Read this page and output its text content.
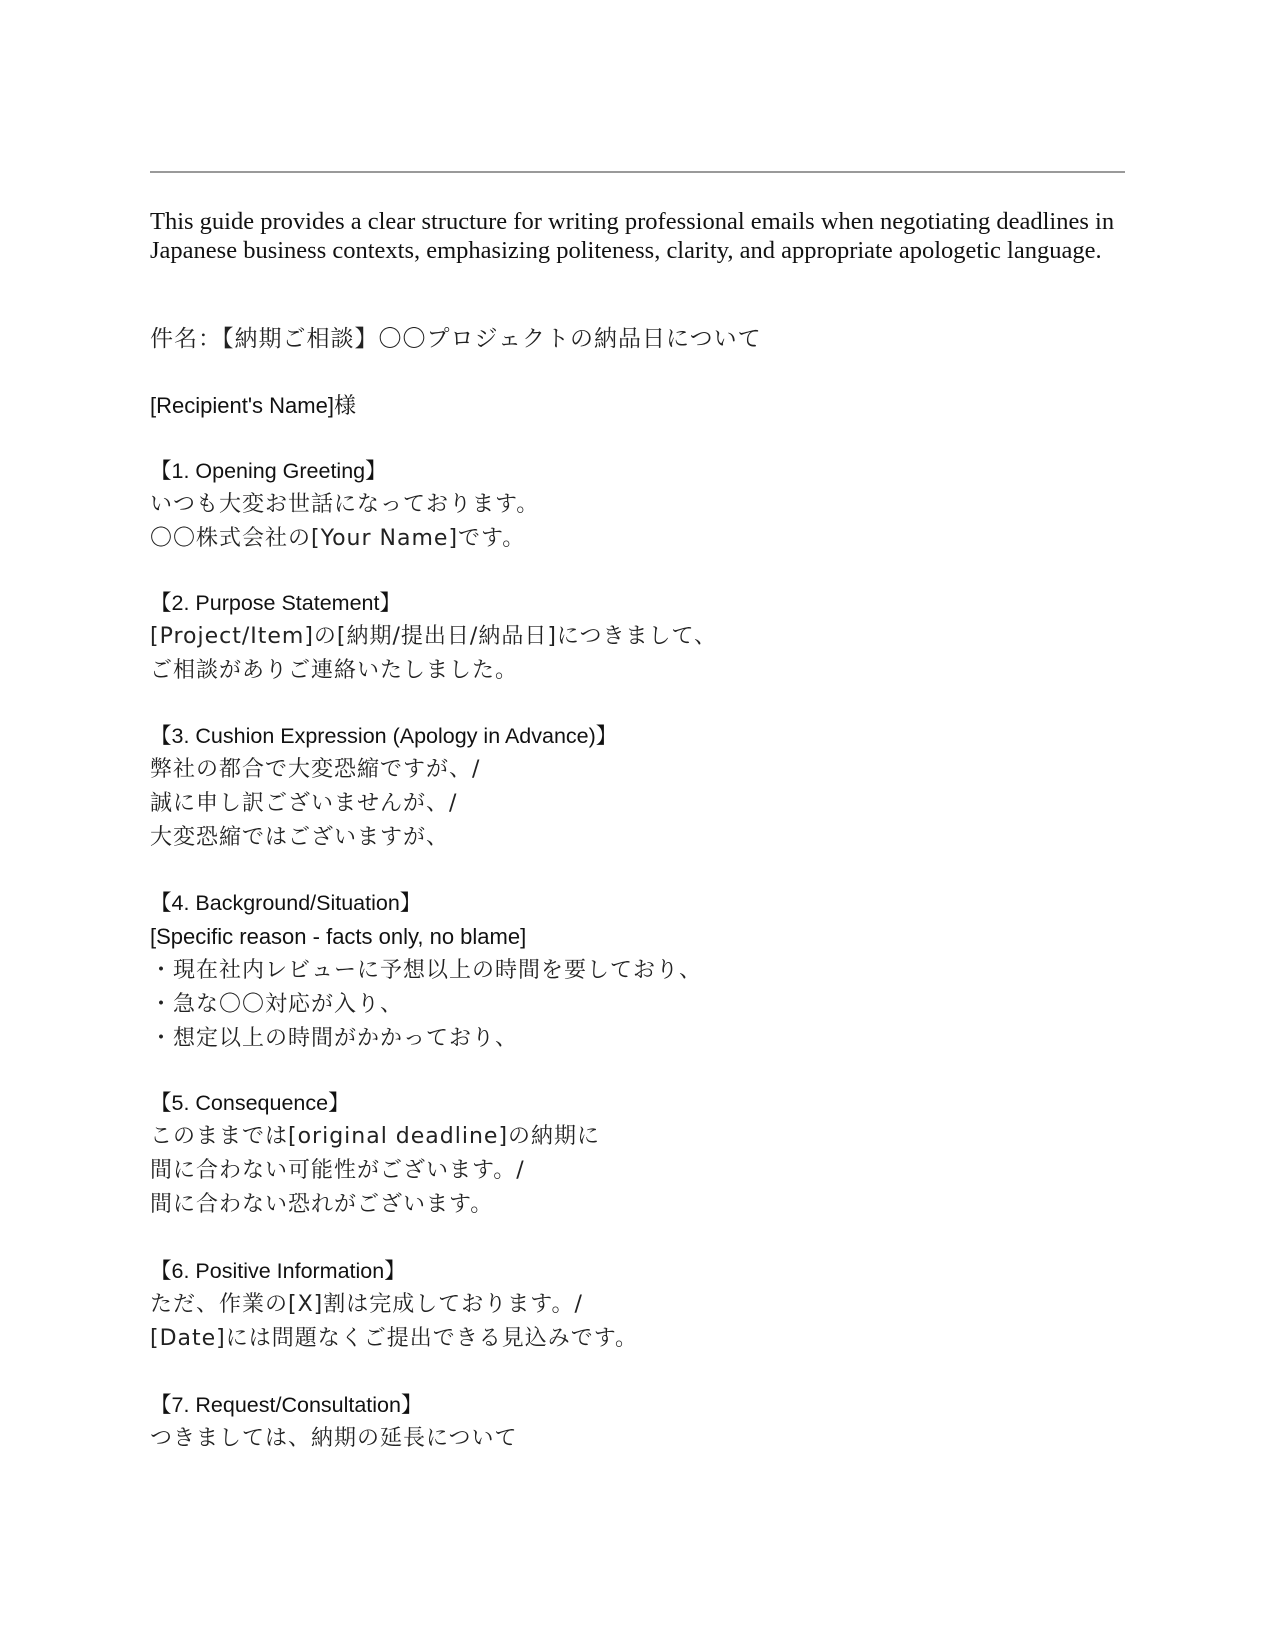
This guide provides a clear structure for writing professional emails when negotiating deadlines in Japanese business contexts, emphasizing politeness, clarity, and appropriate apologetic language.

件名：【納期ご相談】〇〇プロジェクトの納品日について
[Recipient's Name]様
【1. Opening Greeting】
いつも大変お世話になっております。
〇〇株式会社の[Your Name]です。
【2. Purpose Statement】
[Project/Item]の[納期/提出日/納品日]につきまして、
ご相談がありご連絡いたしました。
【3. Cushion Expression (Apology in Advance)】
弊社の都合で大変恐縮ですが、/
誠に申し訳ございませんが、/
大変恐縮ではございますが、
【4. Background/Situation】
[Specific reason - facts only, no blame]
・現在社内レビューに予想以上の時間を要しており、
・急な〇〇対応が入り、
・想定以上の時間がかかっており、
【5. Consequence】
このままでは[original deadline]の納期に
間に合わない可能性がございます。/
間に合わない恐れがございます。
【6. Positive Information】
ただ、作業の[X]割は完成しております。/
[Date]には問題なくご提出できる見込みです。
【7. Request/Consultation】
つきましては、納期の延長について
